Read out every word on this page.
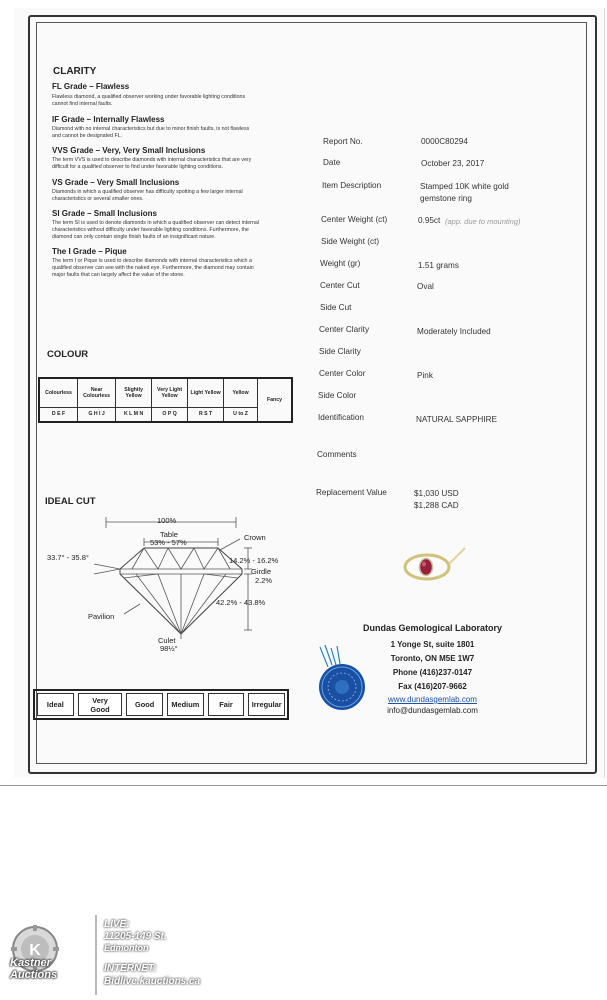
CLARITY
FL Grade – Flawless
Flawless diamond, a qualified observer working under favorable lighting conditions
cannot find internal faults.
IF Grade – Internally Flawless
Diamond with no internal characteristics but due to minor finish faults, is not flawless
and cannot be designated FL.
VVS Grade – Very, Very Small Inclusions
The term VVS is used to describe diamonds with internal characteristics that are very
difficult for a qualified observer to find under favorable lighting conditions.
VS Grade – Very Small Inclusions
Diamonds in which a qualified observer has difficulty spotting a few larger internal
characteristics or several smaller ones.
SI Grade – Small Inclusions
The term SI is used to denote diamonds in which a qualified observer can detect internal
characteristics without difficulty under favorable lighting conditions. Furthermore, the
diamond can only contain single finish faults of an insignificant nature.
The I Grade – Pique
The term I or Pique is used to describe diamonds with internal characteristics which a
qualified observer can see with the naked eye. Furthermore, the diamond may contain
major faults that can largely affect the value of the stone.
COLOUR
Colourless	Near Colourless	Slightly Yellow	Very Light Yellow	Light Yellow	Yellow	Fancy
D E F	G H I J	K L M N	O P Q	R S T	U to Z	
IDEAL CUT
100%
Table
53% - 57%
Crown
33.7° - 35.8°	14.2% - 16.2%
Girdle
2.2%
42.2% - 43.8%
Pavilion
Culet
98½°
Ideal	Very Good	Good	Medium	Fair	Irregular
Report No.	0000C80294
Date	October 23, 2017
Item Description	Stamped 10K white gold
gemstone ring
Center Weight (ct)	0.95ct (app. due to mounting)
Side Weight (ct)
Weight (gr)	1.51 grams
Center Cut	Oval
Side Cut
Center Clarity	Moderately Included
Side Clarity
Center Color	Pink
Side Color
Identification	NATURAL SAPPHIRE
Comments
Replacement Value	$1,030 USD
$1,288 CAD
Dundas Gemological Laboratory
1 Yonge St, suite 1801
Toronto, ON M5E 1W7
Phone (416)237-0147
Fax (416)207-9662
www.dundasgemlab.com
info@dundasgemlab.com
K
Kastner Auctions
LIVE:
11205-149 St.
Edmonton
INTERNET:
Bidlive.kauctions.ca
